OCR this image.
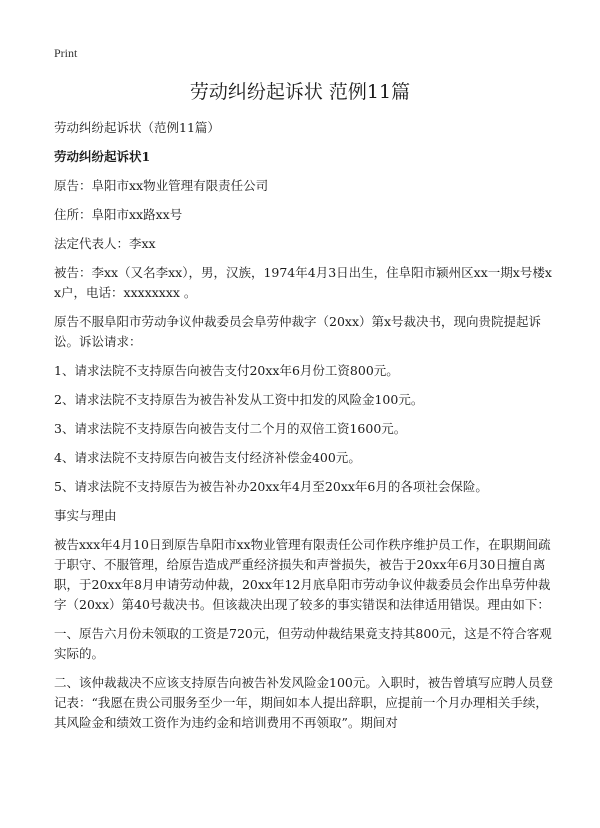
Print
劳动纠纷起诉状 范例11篇

劳动纠纷起诉状（范例11篇）

劳动纠纷起诉状1

原告：阜阳市xx物业管理有限责任公司

住所：阜阳市xx路xx号

法定代表人：李xx

被告：李xx（又名李xx），男，汉族，1974年4月3日出生，住阜阳市颍州区xx一期x号楼xx户，电话：xxxxxxxx 。

原告不服阜阳市劳动争议仲裁委员会阜劳仲裁字（20xx）第x号裁决书，现向贵院提起诉讼。诉讼请求：

1、请求法院不支持原告向被告支付20xx年6月份工资800元。

2、请求法院不支持原告为被告补发从工资中扣发的风险金100元。

3、请求法院不支持原告向被告支付二个月的双倍工资1600元。

4、请求法院不支持原告向被告支付经济补偿金400元。

5、请求法院不支持原告为被告补办20xx年4月至20xx年6月的各项社会保险。

事实与理由

被告xxx年4月10日到原告阜阳市xx物业管理有限责任公司作秩序维护员工作，在职期间疏于职守、不服管理，给原告造成严重经济损失和声誉损失，被告于20xx年6月30日擅自离职，于20xx年8月申请劳动仲裁，20xx年12月底阜阳市劳动争议仲裁委员会作出阜劳仲裁字（20xx）第40号裁决书。但该裁决出现了较多的事实错误和法律适用错误。理由如下：

一、原告六月份未领取的工资是720元，但劳动仲裁结果竟支持其800元，这是不符合客观实际的。

二、该仲裁裁决不应该支持原告向被告补发风险金100元。入职时，被告曾填写应聘人员登记表：“我愿在贵公司服务至少一年，期间如本人提出辞职，应提前一个月办理相关手续，其风险金和绩效工资作为违约金和培训费用不再领取”。期间对
